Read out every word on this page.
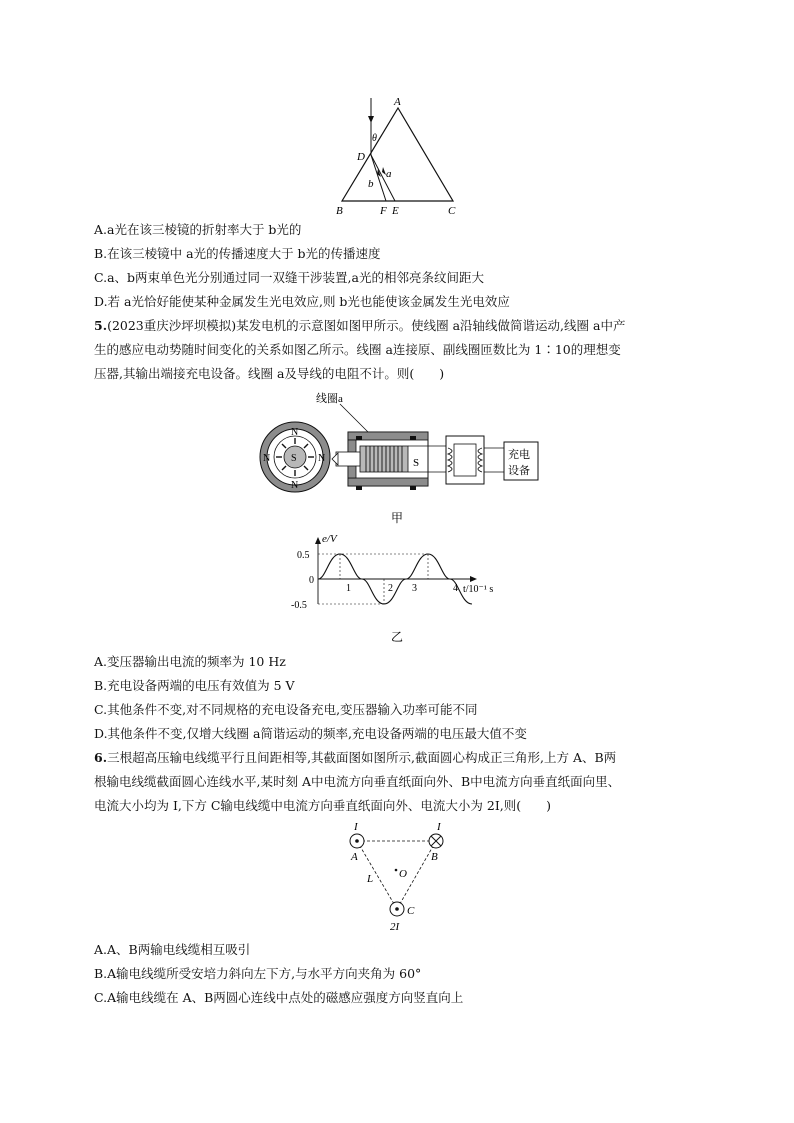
A
D
θ
b
a
B	F E	C
A.a光在该三棱镜的折射率大于 b光的
B.在该三棱镜中 a光的传播速度大于 b光的传播速度
C.a、b两束单色光分别通过同一双缝干涉装置,a光的相邻亮条纹间距大
D.若 a光恰好能使某种金属发生光电效应,则 b光也能使该金属发生光电效应
5.(2023重庆沙坪坝模拟)某发电机的示意图如图甲所示。使线圈 a沿轴线做简谐运动,线圈 a中产
生的感应电动势随时间变化的关系如图乙所示。线圈 a连接原、副线圈匝数比为 1∶10的理想变
压器,其输出端接充电设备。线圈 a及导线的电阻不计。则(　　)
线圈a
N
N
N	N
S	S
充电
设备
甲
e/V
0.5
-0.5
0
1	2 3	4 t/10⁻¹ s
乙
A.变压器输出电流的频率为 10 Hz
B.充电设备两端的电压有效值为 5 V
C.其他条件不变,对不同规格的充电设备充电,变压器输入功率可能不同
D.其他条件不变,仅增大线圈 a简谐运动的频率,充电设备两端的电压最大值不变
6.三根超高压输电线缆平行且间距相等,其截面图如图所示,截面圆心构成正三角形,上方 A、B两
根输电线缆截面圆心连线水平,某时刻 A中电流方向垂直纸面向外、B中电流方向垂直纸面向里、
电流大小均为 I,下方 C输电线缆中电流方向垂直纸面向外、电流大小为 2I,则(　　)
I	I
A	B
O
L
C
2I
A.A、B两输电线缆相互吸引
B.A输电线缆所受安培力斜向左下方,与水平方向夹角为 60°
C.A输电线缆在 A、B两圆心连线中点处的磁感应强度方向竖直向上
